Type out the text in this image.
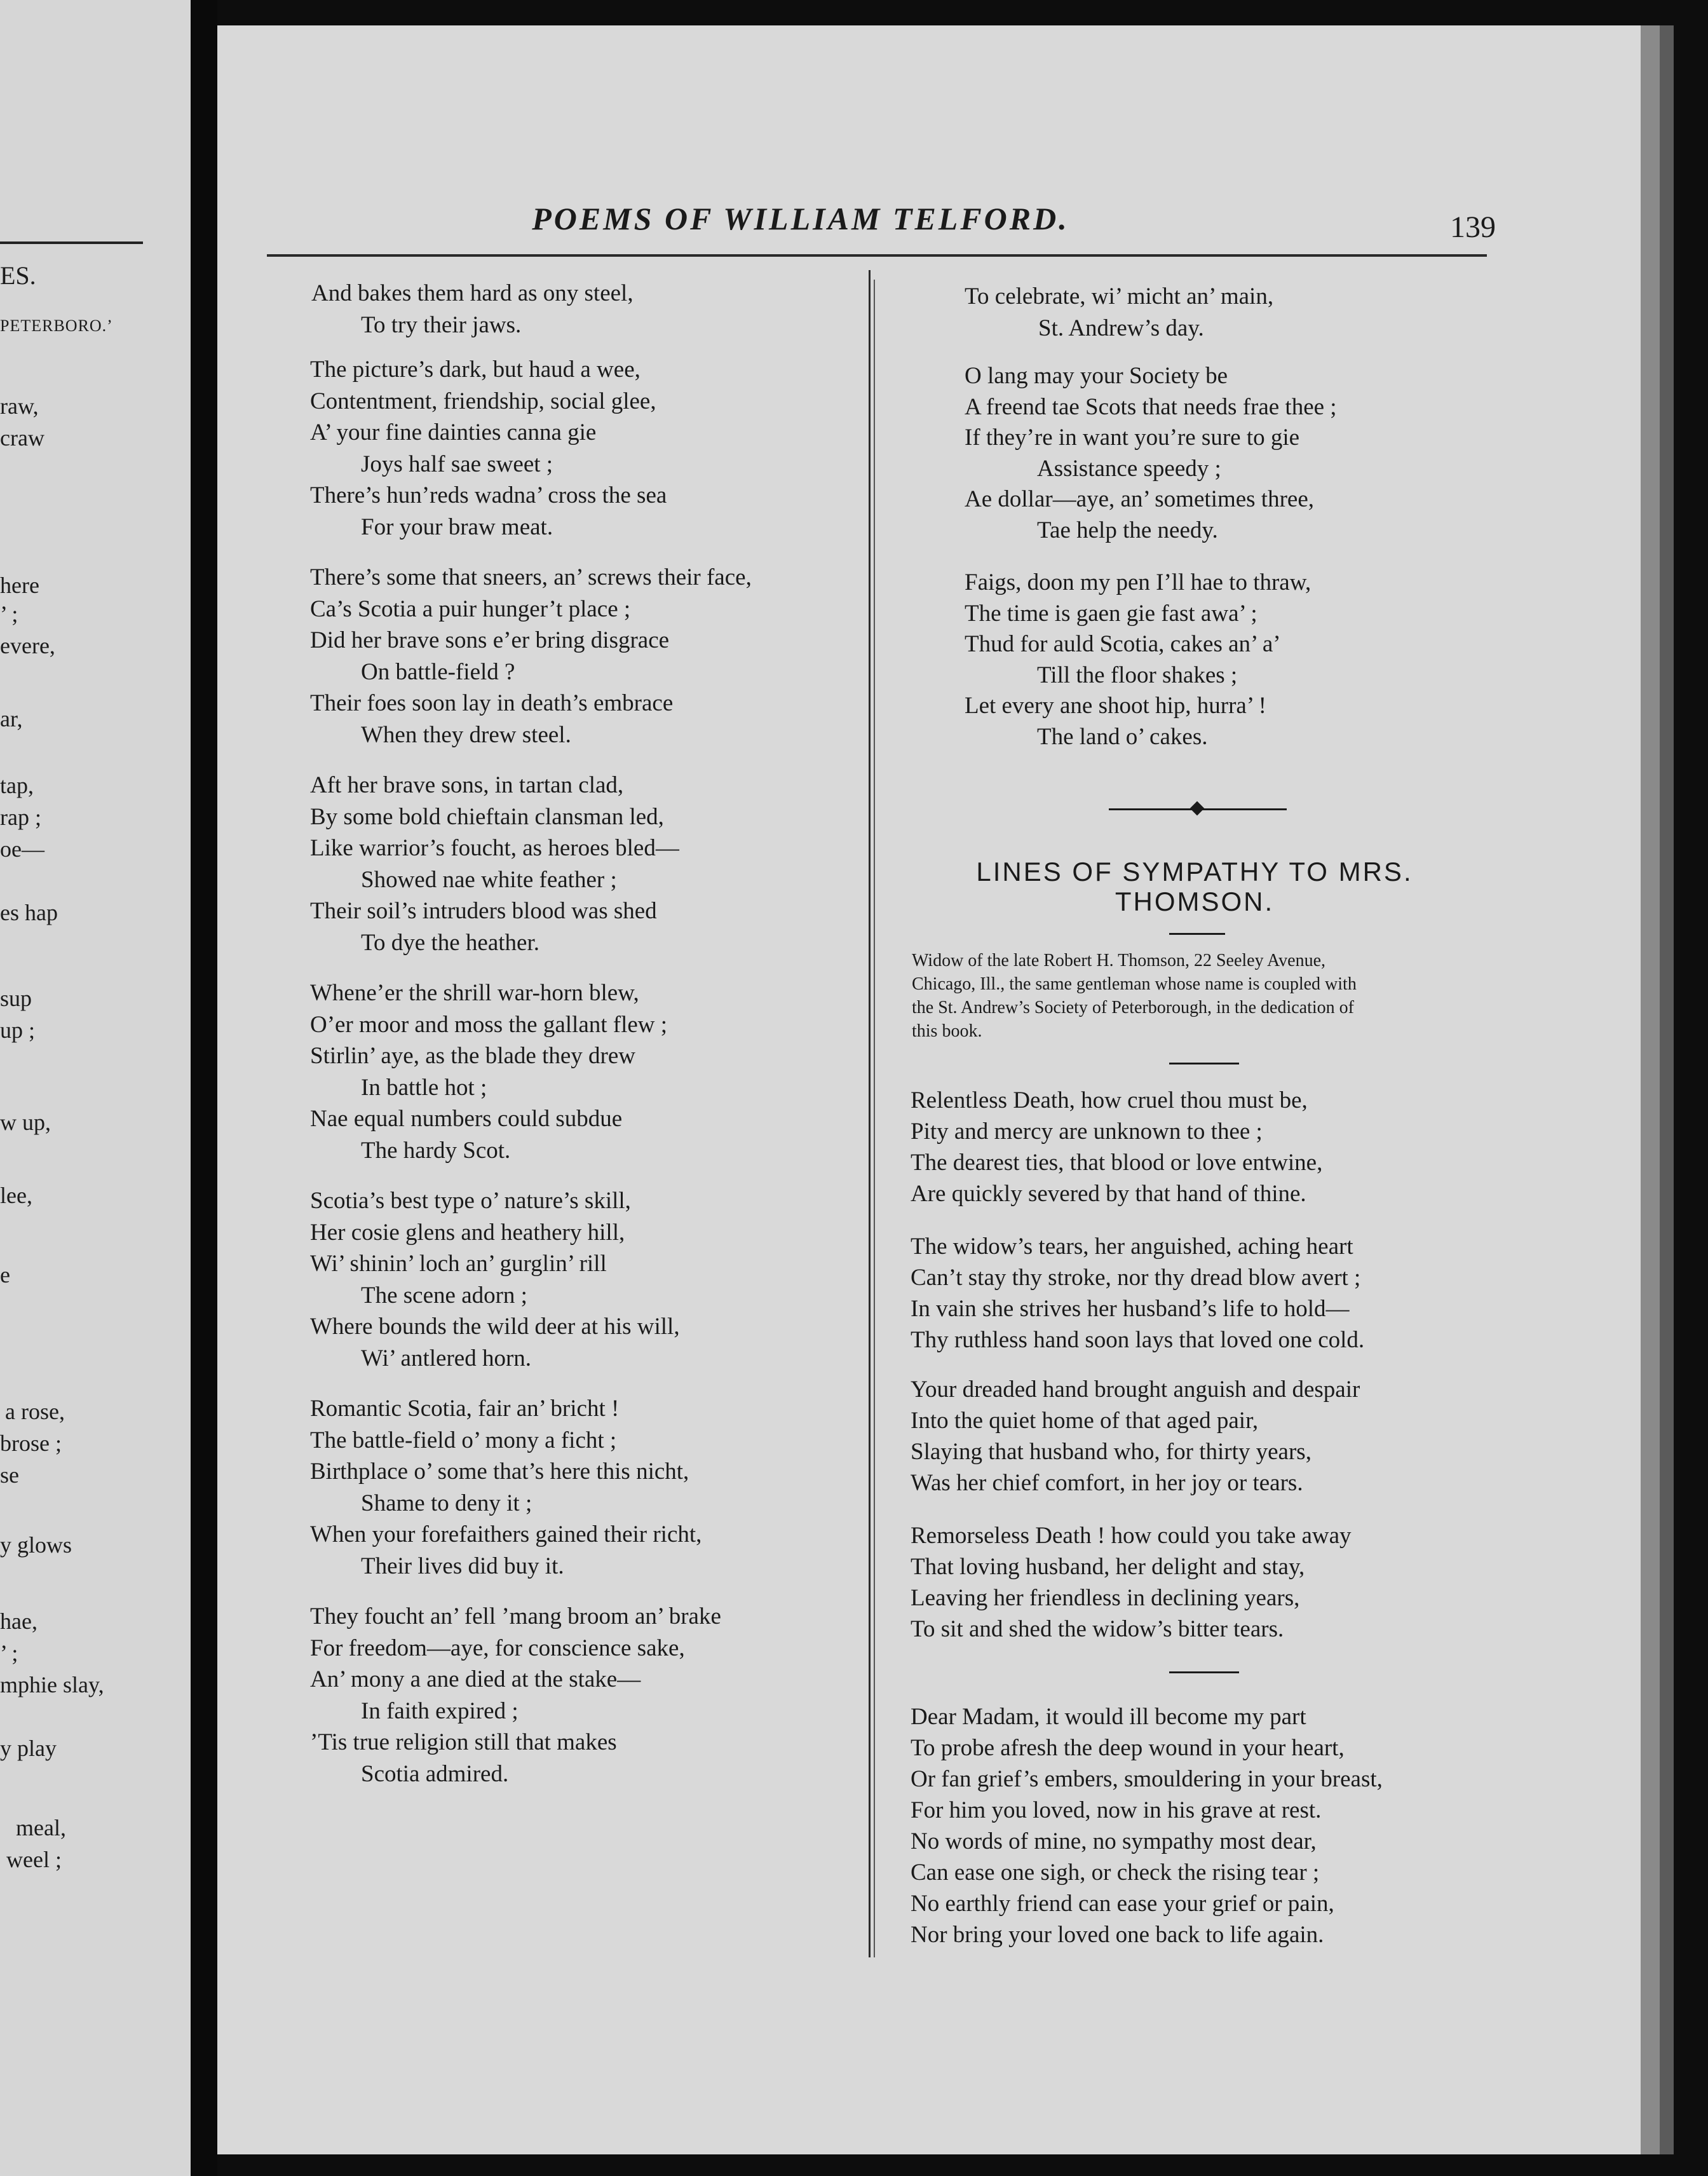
ES.
PETERBORO.’
raw,
craw
here
’ ;
evere,
ar,
tap,
rap ;
oe—
es hap
sup
up ;
w up,
lee,
e
a rose,
brose ;
se
y glows
hae,
’ ;
mphie slay,
y play
meal,
weel ;
POEMS OF WILLIAM TELFORD.	139
And bakes them hard as ony steel,
To try their jaws.
The picture’s dark, but haud a wee,
Contentment, friendship, social glee,
A’ your fine dainties canna gie
Joys half sae sweet ;
There’s hun’reds wadna’ cross the sea
For your braw meat.
There’s some that sneers, an’ screws their face,
Ca’s Scotia a puir hunger’t place ;
Did her brave sons e’er bring disgrace
On battle-field ?
Their foes soon lay in death’s embrace
When they drew steel.
Aft her brave sons, in tartan clad,
By some bold chieftain clansman led,
Like warrior’s foucht, as heroes bled—
Showed nae white feather ;
Their soil’s intruders blood was shed
To dye the heather.
Whene’er the shrill war-horn blew,
O’er moor and moss the gallant flew ;
Stirlin’ aye, as the blade they drew
In battle hot ;
Nae equal numbers could subdue
The hardy Scot.
Scotia’s best type o’ nature’s skill,
Her cosie glens and heathery hill,
Wi’ shinin’ loch an’ gurglin’ rill
The scene adorn ;
Where bounds the wild deer at his will,
Wi’ antlered horn.
Romantic Scotia, fair an’ bricht !
The battle-field o’ mony a ficht ;
Birthplace o’ some that’s here this nicht,
Shame to deny it ;
When your forefaithers gained their richt,
Their lives did buy it.
They foucht an’ fell ’mang broom an’ brake
For freedom—aye, for conscience sake,
An’ mony a ane died at the stake—
In faith expired ;
’Tis true religion still that makes
Scotia admired.
To celebrate, wi’ micht an’ main,
St. Andrew’s day.
O lang may your Society be
A freend tae Scots that needs frae thee ;
If they’re in want you’re sure to gie
Assistance speedy ;
Ae dollar—aye, an’ sometimes three,
Tae help the needy.
Faigs, doon my pen I’ll hae to thraw,
The time is gaen gie fast awa’ ;
Thud for auld Scotia, cakes an’ a’
Till the floor shakes ;
Let every ane shoot hip, hurra’ !
The land o’ cakes.
LINES OF SYMPATHY TO MRS.
THOMSON.
Widow of the late Robert H. Thomson, 22 Seeley Avenue,
Chicago, Ill., the same gentleman whose name is coupled with
the St. Andrew’s Society of Peterborough, in the dedication of
this book.
Relentless Death, how cruel thou must be,
Pity and mercy are unknown to thee ;
The dearest ties, that blood or love entwine,
Are quickly severed by that hand of thine.
The widow’s tears, her anguished, aching heart
Can’t stay thy stroke, nor thy dread blow avert ;
In vain she strives her husband’s life to hold—
Thy ruthless hand soon lays that loved one cold.
Your dreaded hand brought anguish and despair
Into the quiet home of that aged pair,
Slaying that husband who, for thirty years,
Was her chief comfort, in her joy or tears.
Remorseless Death ! how could you take away
That loving husband, her delight and stay,
Leaving her friendless in declining years,
To sit and shed the widow’s bitter tears.
Dear Madam, it would ill become my part
To probe afresh the deep wound in your heart,
Or fan grief’s embers, smouldering in your breast,
For him you loved, now in his grave at rest.
No words of mine, no sympathy most dear,
Can ease one sigh, or check the rising tear ;
No earthly friend can ease your grief or pain,
Nor bring your loved one back to life again.
